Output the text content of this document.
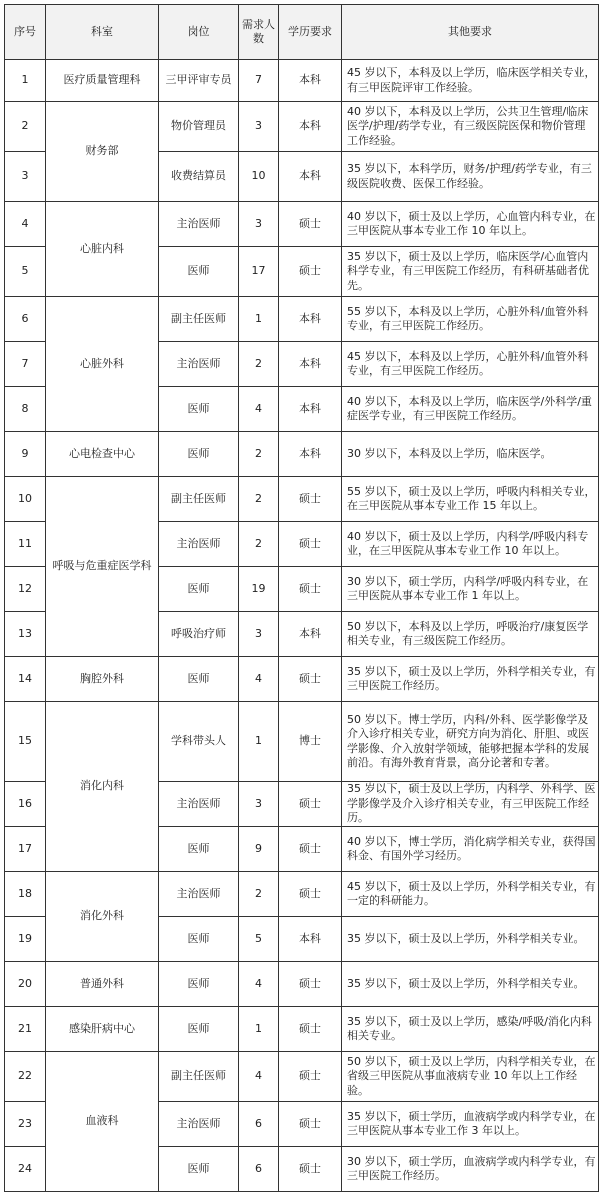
序号	科室	岗位	需求人数	学历要求	其他要求
1	医疗质量管理科	三甲评审专员	7	本科	45 岁以下，本科及以上学历，临床医学相关专业，有三甲医院评审工作经验。
2	财务部	物价管理员	3	本科	40 岁以下，本科及以上学历，公共卫生管理/临床医学/护理/药学专业，有三级医院医保和物价管理工作经验。
3		收费结算员	10	本科	35 岁以下，本科学历，财务/护理/药学专业，有三级医院收费、医保工作经验。
4	心脏内科	主治医师	3	硕士	40 岁以下，硕士及以上学历，心血管内科专业，在三甲医院从事本专业工作 10 年以上。
5		医师	17	硕士	35 岁以下，硕士及以上学历，临床医学/心血管内科学专业，有三甲医院工作经历，有科研基础者优先。
6	心脏外科	副主任医师	1	本科	55 岁以下，本科及以上学历，心脏外科/血管外科专业，有三甲医院工作经历。
7		主治医师	2	本科	45 岁以下，本科及以上学历，心脏外科/血管外科专业，有三甲医院工作经历。
8		医师	4	本科	40 岁以下，本科及以上学历，临床医学/外科学/重症医学专业，有三甲医院工作经历。
9	心电检查中心	医师	2	本科	30 岁以下，本科及以上学历，临床医学。
10	呼吸与危重症医学科	副主任医师	2	硕士	55 岁以下，硕士及以上学历，呼吸内科相关专业，在三甲医院从事本专业工作 15 年以上。
11		主治医师	2	硕士	40 岁以下，硕士及以上学历，内科学/呼吸内科专业，在三甲医院从事本专业工作 10 年以上。
12		医师	19	硕士	30 岁以下，硕士学历，内科学/呼吸内科专业，在三甲医院从事本专业工作 1 年以上。
13		呼吸治疗师	3	本科	50 岁以下，本科及以上学历，呼吸治疗/康复医学相关专业，有三级医院工作经历。
14	胸腔外科	医师	4	硕士	35 岁以下，硕士及以上学历，外科学相关专业，有三甲医院工作经历。
15	消化内科	学科带头人	1	博士	50 岁以下。博士学历，内科/外科、医学影像学及介入诊疗相关专业，研究方向为消化、肝胆、或医学影像、介入放射学领域，能够把握本学科的发展前沿。有海外教育背景，高分论著和专著。
16		主治医师	3	硕士	35 岁以下，硕士及以上学历，内科学、外科学、医学影像学及介入诊疗相关专业，有三甲医院工作经历。
17		医师	9	硕士	40 岁以下，博士学历，消化病学相关专业，获得国科金、有国外学习经历。
18	消化外科	主治医师	2	硕士	45 岁以下，硕士及以上学历，外科学相关专业，有一定的科研能力。
19		医师	5	本科	35 岁以下，硕士及以上学历，外科学相关专业。
20	普通外科	医师	4	硕士	35 岁以下，硕士及以上学历，外科学相关专业。
21	感染肝病中心	医师	1	硕士	35 岁以下，硕士及以上学历，感染/呼吸/消化内科相关专业。
22	血液科	副主任医师	4	硕士	50 岁以下，硕士及以上学历，内科学相关专业，在省级三甲医院从事血液病专业 10 年以上工作经验。
23		主治医师	6	硕士	35 岁以下，硕士学历，血液病学或内科学专业，在三甲医院从事本专业工作 3 年以上。
24		医师	6	硕士	30 岁以下，硕士学历，血液病学或内科学专业，有三甲医院工作经历。
